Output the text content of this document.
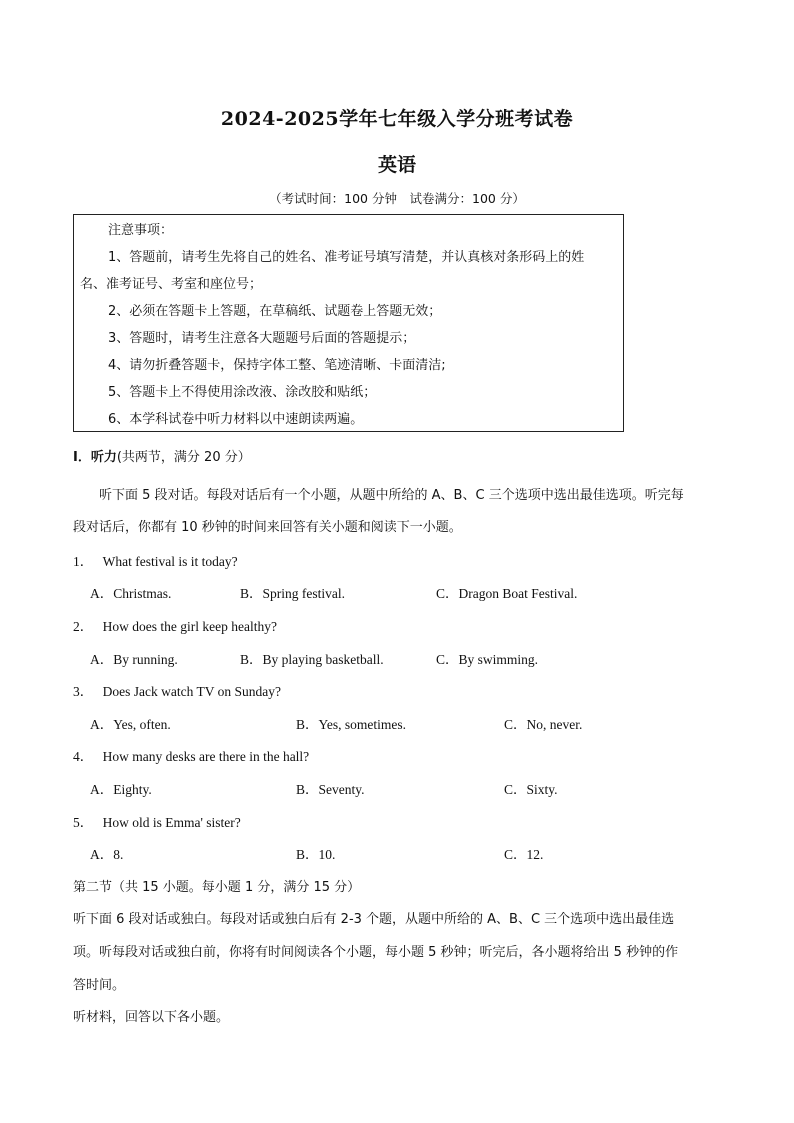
2024-2025学年七年级入学分班考试卷
英语
（考试时间：100 分钟　试卷满分：100 分）
注意事项：
1、答题前，请考生先将自己的姓名、准考证号填写清楚，并认真核对条形码上的姓
名、准考证号、考室和座位号；
2、必须在答题卡上答题，在草稿纸、试题卷上答题无效；
3、答题时，请考生注意各大题题号后面的答题提示；
4、请勿折叠答题卡，保持字体工整、笔迹清晰、卡面清洁;
5、答题卡上不得使用涂改液、涂改胶和贴纸；
6、本学科试卷中听力材料以中速朗读两遍。
I．听力(共两节，满分 20 分）
听下面 5 段对话。每段对话后有一个小题，从题中所给的 A、B、C 三个选项中选出最佳选项。听完每
段对话后，你都有 10 秒钟的时间来回答有关小题和阅读下一小题。
1． What festival is it today?
A．Christmas.	B．Spring festival.	C．Dragon Boat Festival.
2． How does the girl keep healthy?
A．By running.	B．By playing basketball.	C．By swimming.
3． Does Jack watch TV on Sunday?
A．Yes, often.	B．Yes, sometimes.	C．No, never.
4． How many desks are there in the hall?
A．Eighty.	B．Seventy.	C．Sixty.
5． How old is Emma' sister?
A．8.	B．10.	C．12.
第二节（共 15 小题。每小题 1 分，满分 15 分）
听下面 6 段对话或独白。每段对话或独白后有 2-3 个题，从题中所给的 A、B、C 三个选项中选出最佳选
项。听每段对话或独白前，你将有时间阅读各个小题，每小题 5 秒钟；听完后，各小题将给出 5 秒钟的作
答时间。
听材料，回答以下各小题。
